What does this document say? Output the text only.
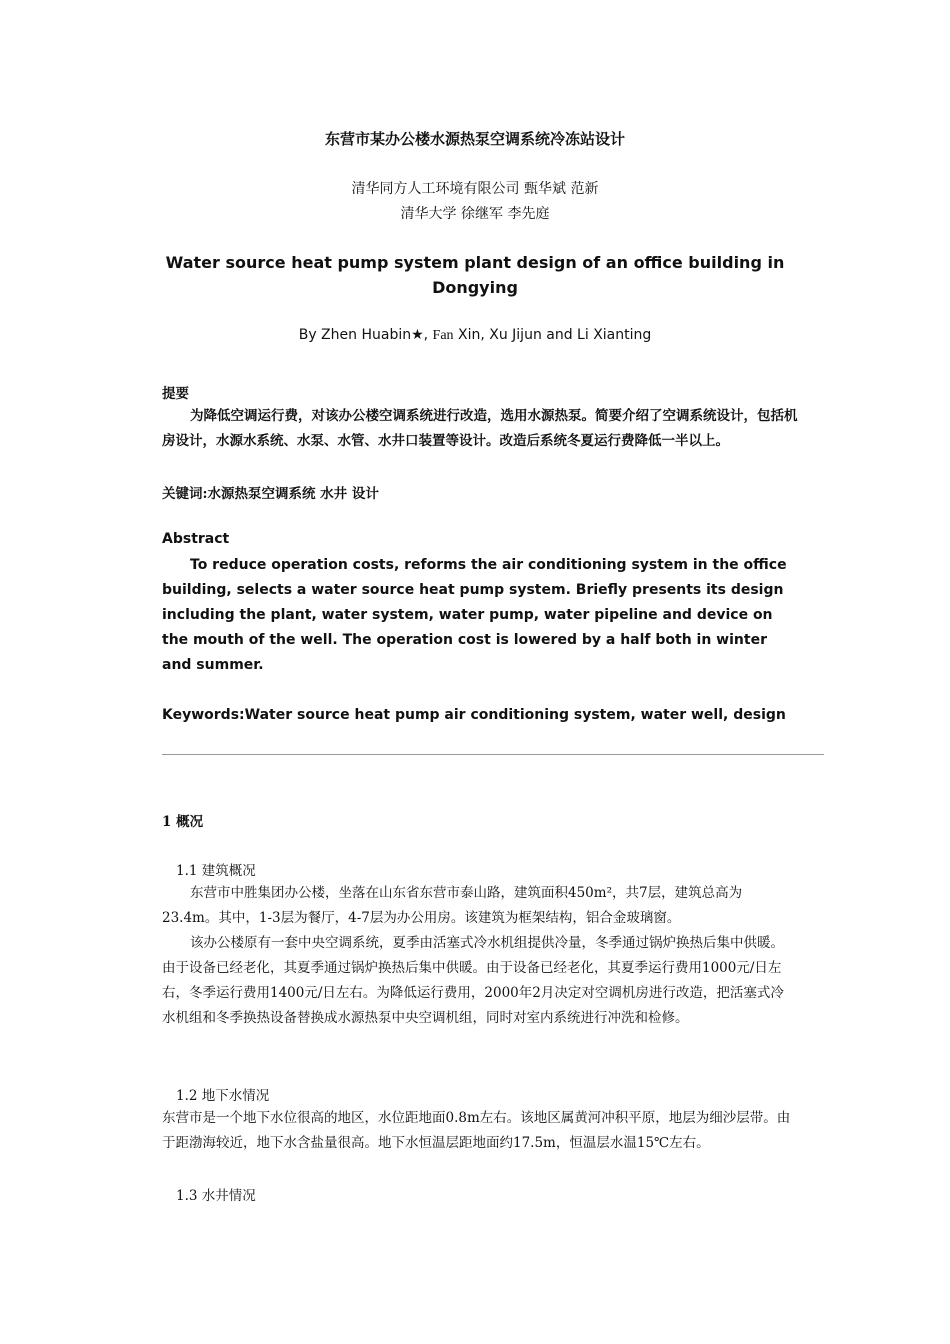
东营市某办公楼水源热泵空调系统冷冻站设计
清华同方人工环境有限公司 甄华斌 范新
清华大学 徐继军 李先庭
Water source heat pump system plant design of an office building in Dongying
By Zhen Huabin★, Fan Xin, Xu Jijun and Li Xianting
提要
为降低空调运行费，对该办公楼空调系统进行改造，选用水源热泵。简要介绍了空调系统设计，包括机房设计，水源水系统、水泵、水管、水井口装置等设计。改造后系统冬夏运行费降低一半以上。
关键词:水源热泵空调系统 水井 设计
Abstract
To reduce operation costs, reforms the air conditioning system in the office building, selects a water source heat pump system. Briefly presents its design including the plant, water system, water pump, water pipeline and device on the mouth of the well. The operation cost is lowered by a half both in winter and summer.
Keywords:Water source heat pump air conditioning system, water well, design
1 概况
1.1 建筑概况
东营市中胜集团办公楼，坐落在山东省东营市泰山路，建筑面积450m²，共7层，建筑总高为23.4m。其中，1-3层为餐厅，4-7层为办公用房。该建筑为框架结构，铝合金玻璃窗。
该办公楼原有一套中央空调系统，夏季由活塞式冷水机组提供冷量，冬季通过锅炉换热后集中供暖。由于设备已经老化，其夏季通过锅炉换热后集中供暖。由于设备已经老化，其夏季运行费用1000元/日左右，冬季运行费用1400元/日左右。为降低运行费用，2000年2月决定对空调机房进行改造，把活塞式冷水机组和冬季换热设备替换成水源热泵中央空调机组，同时对室内系统进行冲洗和检修。
1.2 地下水情况
东营市是一个地下水位很高的地区，水位距地面0.8m左右。该地区属黄河冲积平原，地层为细沙层带。由于距渤海较近，地下水含盐量很高。地下水恒温层距地面约17.5m，恒温层水温15℃左右。
1.3 水井情况
